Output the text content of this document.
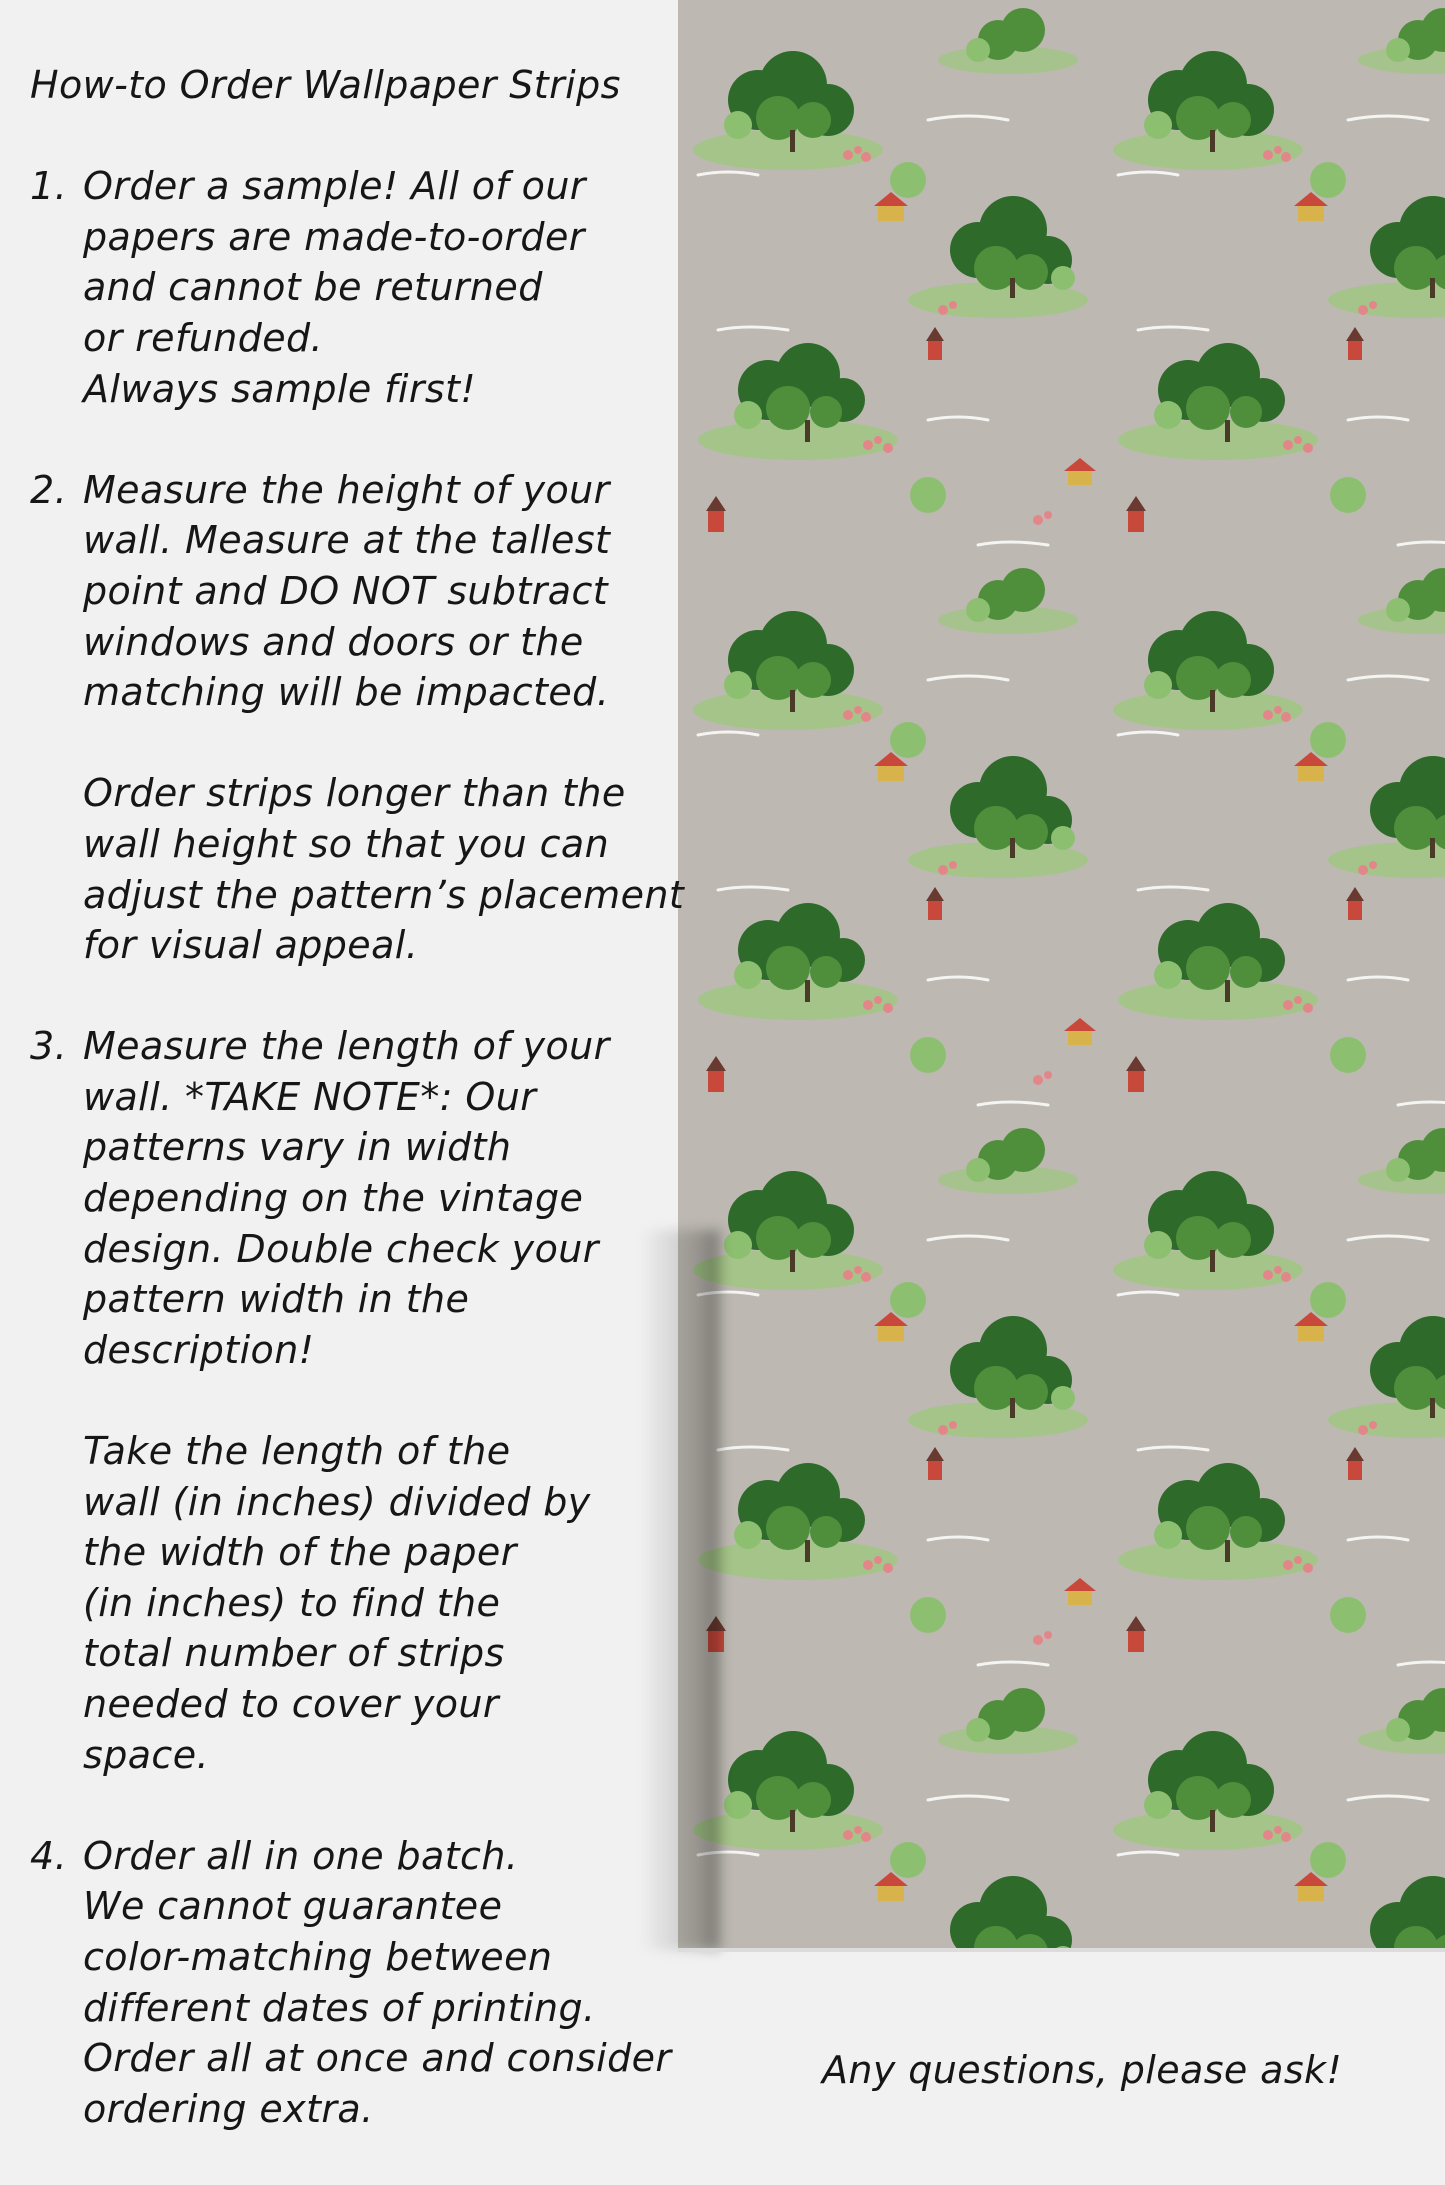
How-to Order Wallpaper Strips
1. Order a sample! All of our
papers are made-to-order
and cannot be returned
or refunded.
Always sample first!
2. Measure the height of your
wall. Measure at the tallest
point and DO NOT subtract
windows and doors or the
matching will be impacted.
Order strips longer than the
wall height so that you can
adjust the pattern’s placement
for visual appeal.
3. Measure the length of your
wall. *TAKE NOTE*: Our
patterns vary in width
depending on the vintage
design. Double check your
pattern width in the
description!
Take the length of the
wall (in inches) divided by
the width of the paper
(in inches) to find the
total number of strips
needed to cover your
space.
4. Order all in one batch.
We cannot guarantee
color-matching between
different dates of printing.
Order all at once and consider
ordering extra.
Any questions, please ask!
